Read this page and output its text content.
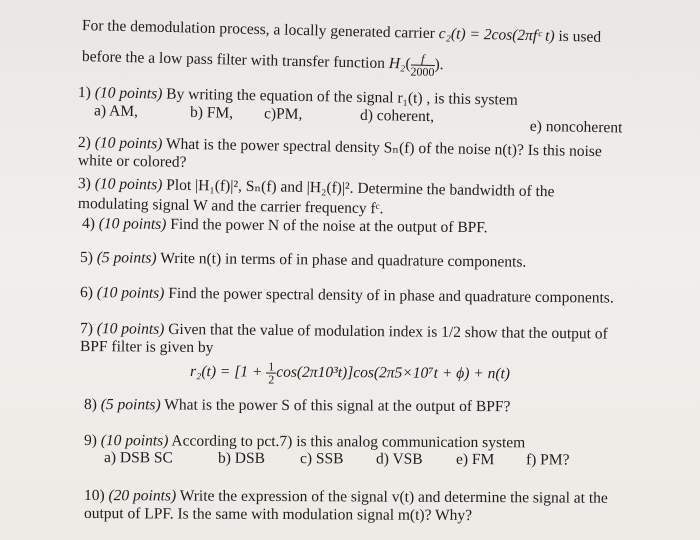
For the demodulation process, a locally generated carrier c₂(t) = 2cos(2πfᶜ t) is used
before the a low pass filter with transfer function $H_2( \frac{f}{2000}$ ).
1) (10 points) By writing the equation of the signal r₁(t) , is this system
a) AM,	b) FM, c)PM,	d) coherent,
e) noncoherent
2) (10 points) What is the power spectral density Sₙ(f) of the noise n(t)? Is this noise
white or colored?
3) (10 points) Plot |H₁(f)|², Sₙ(f) and |H₂(f)|². Determine the bandwidth of the
modulating signal W and the carrier frequency fᶜ.
4) (10 points) Find the power N of the noise at the output of BPF.
5) (5 points) Write n(t) in terms of in phase and quadrature components.
6) (10 points) Find the power spectral density of in phase and quadrature components.
7) (10 points) Given that the value of modulation index is 1/2 show that the output of
BPF filter is given by
$r_2(t) = [1 + \frac{1}{2} \cos(2\pi 10^3t)]\cos(2\pi 5\times 10^7t + \phi) + n(t)$
8) (5 points) What is the power S of this signal at the output of BPF?
9) (10 points) According to pct.7) is this analog communication system
a) DSB SC	b) DSB c) SSB d) VSB e) FM f) PM?
10) (20 points) Write the expression of the signal v(t) and determine the signal at the
output of LPF. Is the same with modulation signal m(t)? Why?
